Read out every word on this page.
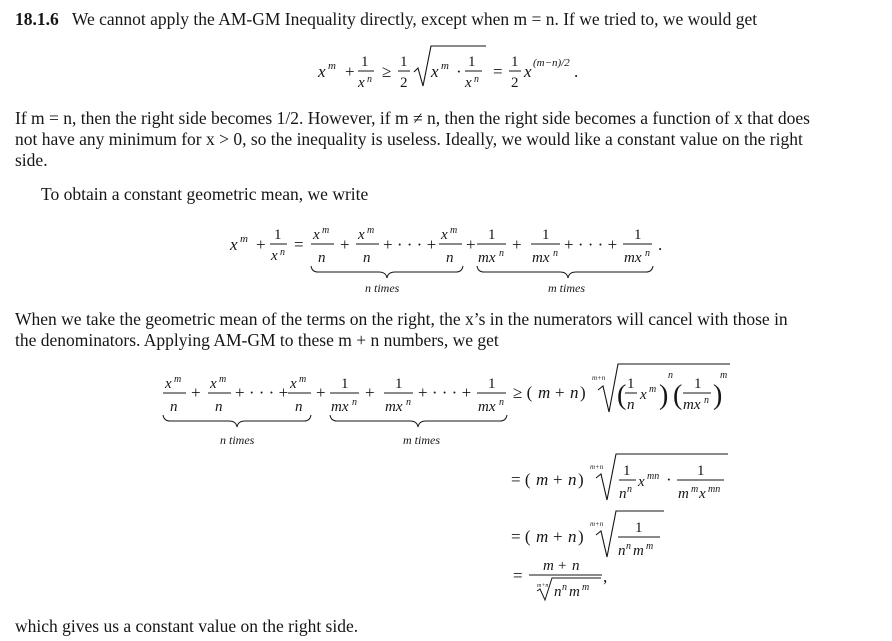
18.1.6 We cannot apply the AM-GM Inequality directly, except when m = n. If we tried to, we would get
x m + 1
x n ≥ 1
2
x m · 1
x n = 1
2
x (m−n)/2 .
If m = n, then the right side becomes 1/2. However, if m ≠ n, then the right side becomes a function of x that does
not have any minimum for x > 0, so the inequality is useless. Ideally, we would like a constant value on the right
side.
To obtain a constant geometric mean, we write
x m + 1
x n = x m
n
+ x m
n
+ · · · + x m
n
+ 1
mx n + 1
mx n + · · · + 1
mx n .
n times	m times
When we take the geometric mean of the terms on the right, the x’s in the numerators will cancel with those in
the denominators. Applying AM-GM to these m + n numbers, we get
x m
n
+ x m
n
+ · · · + x m
n
+ 1
mx n
+ 1
mx n
+ · · · + 1
mx n
n times	m times
≥ ( m + n )
m+n
( 1
n
x m )
n
( 1
mx n )
m
= ( m + n )
m+n 1
n n x mn · 1
m m x mn
= ( m + n )
m+n 1
n n m m
= m + n
m+n n n m m
,
which gives us a constant value on the right side.
